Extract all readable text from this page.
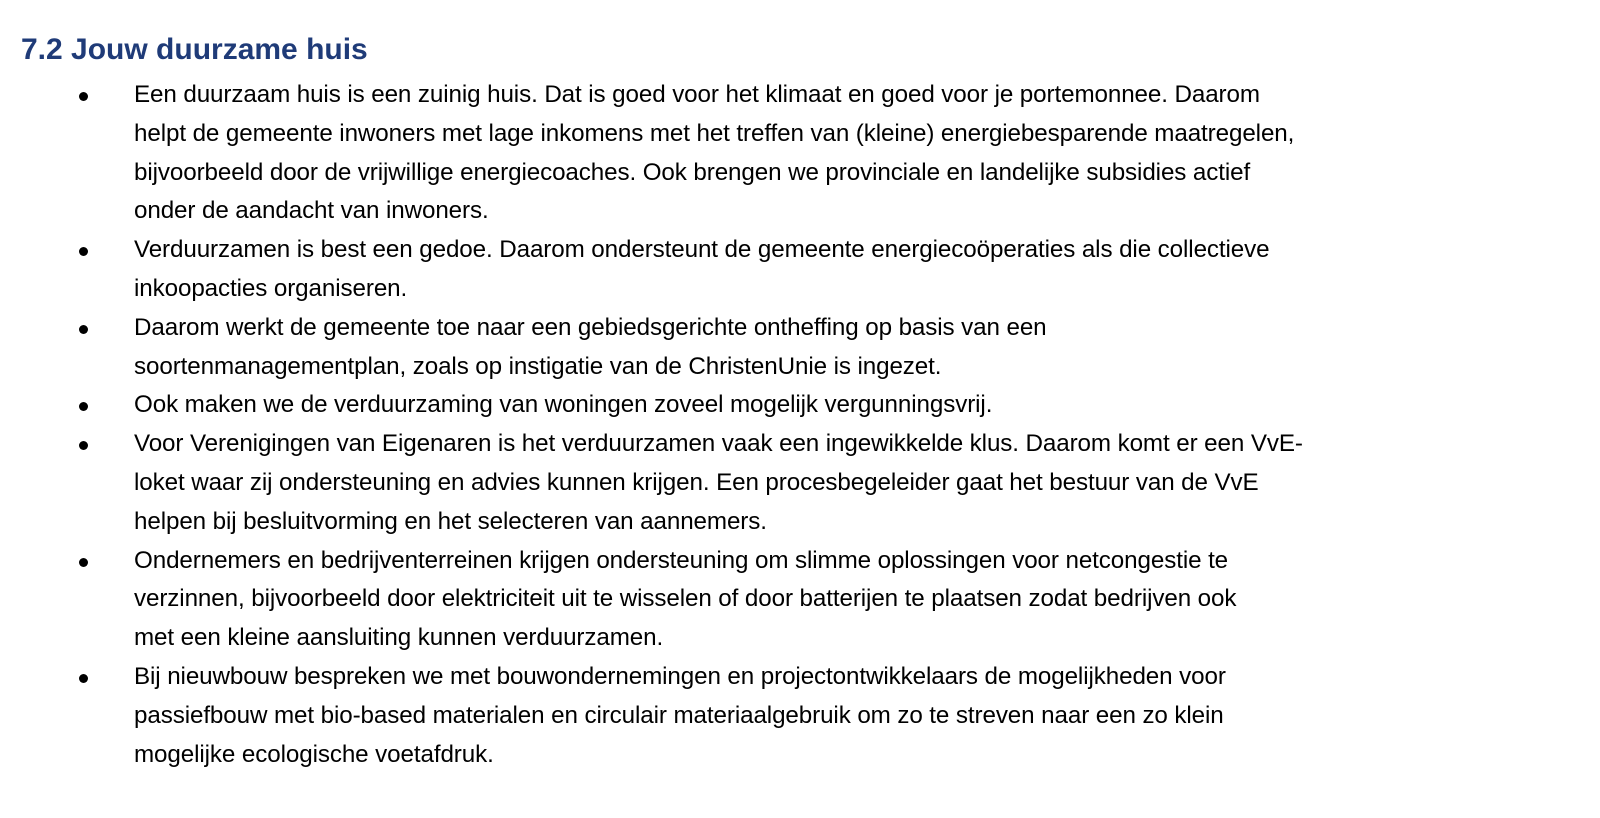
7.2 Jouw duurzame huis
Een duurzaam huis is een zuinig huis. Dat is goed voor het klimaat en goed voor je portemonnee. Daarom
helpt de gemeente inwoners met lage inkomens met het treffen van (kleine) energiebesparende maatregelen,
bijvoorbeeld door de vrijwillige energiecoaches. Ook brengen we provinciale en landelijke subsidies actief
onder de aandacht van inwoners.
Verduurzamen is best een gedoe. Daarom ondersteunt de gemeente energiecoöperaties als die collectieve
inkoopacties organiseren.
Daarom werkt de gemeente toe naar een gebiedsgerichte ontheffing op basis van een
soortenmanagementplan, zoals op instigatie van de ChristenUnie is ingezet.
Ook maken we de verduurzaming van woningen zoveel mogelijk vergunningsvrij.
Voor Verenigingen van Eigenaren is het verduurzamen vaak een ingewikkelde klus. Daarom komt er een VvE-
loket waar zij ondersteuning en advies kunnen krijgen. Een procesbegeleider gaat het bestuur van de VvE
helpen bij besluitvorming en het selecteren van aannemers.
Ondernemers en bedrijventerreinen krijgen ondersteuning om slimme oplossingen voor netcongestie te
verzinnen, bijvoorbeeld door elektriciteit uit te wisselen of door batterijen te plaatsen zodat bedrijven ook
met een kleine aansluiting kunnen verduurzamen.
Bij nieuwbouw bespreken we met bouwondernemingen en projectontwikkelaars de mogelijkheden voor
passiefbouw met bio-based materialen en circulair materiaalgebruik om zo te streven naar een zo klein
mogelijke ecologische voetafdruk.
